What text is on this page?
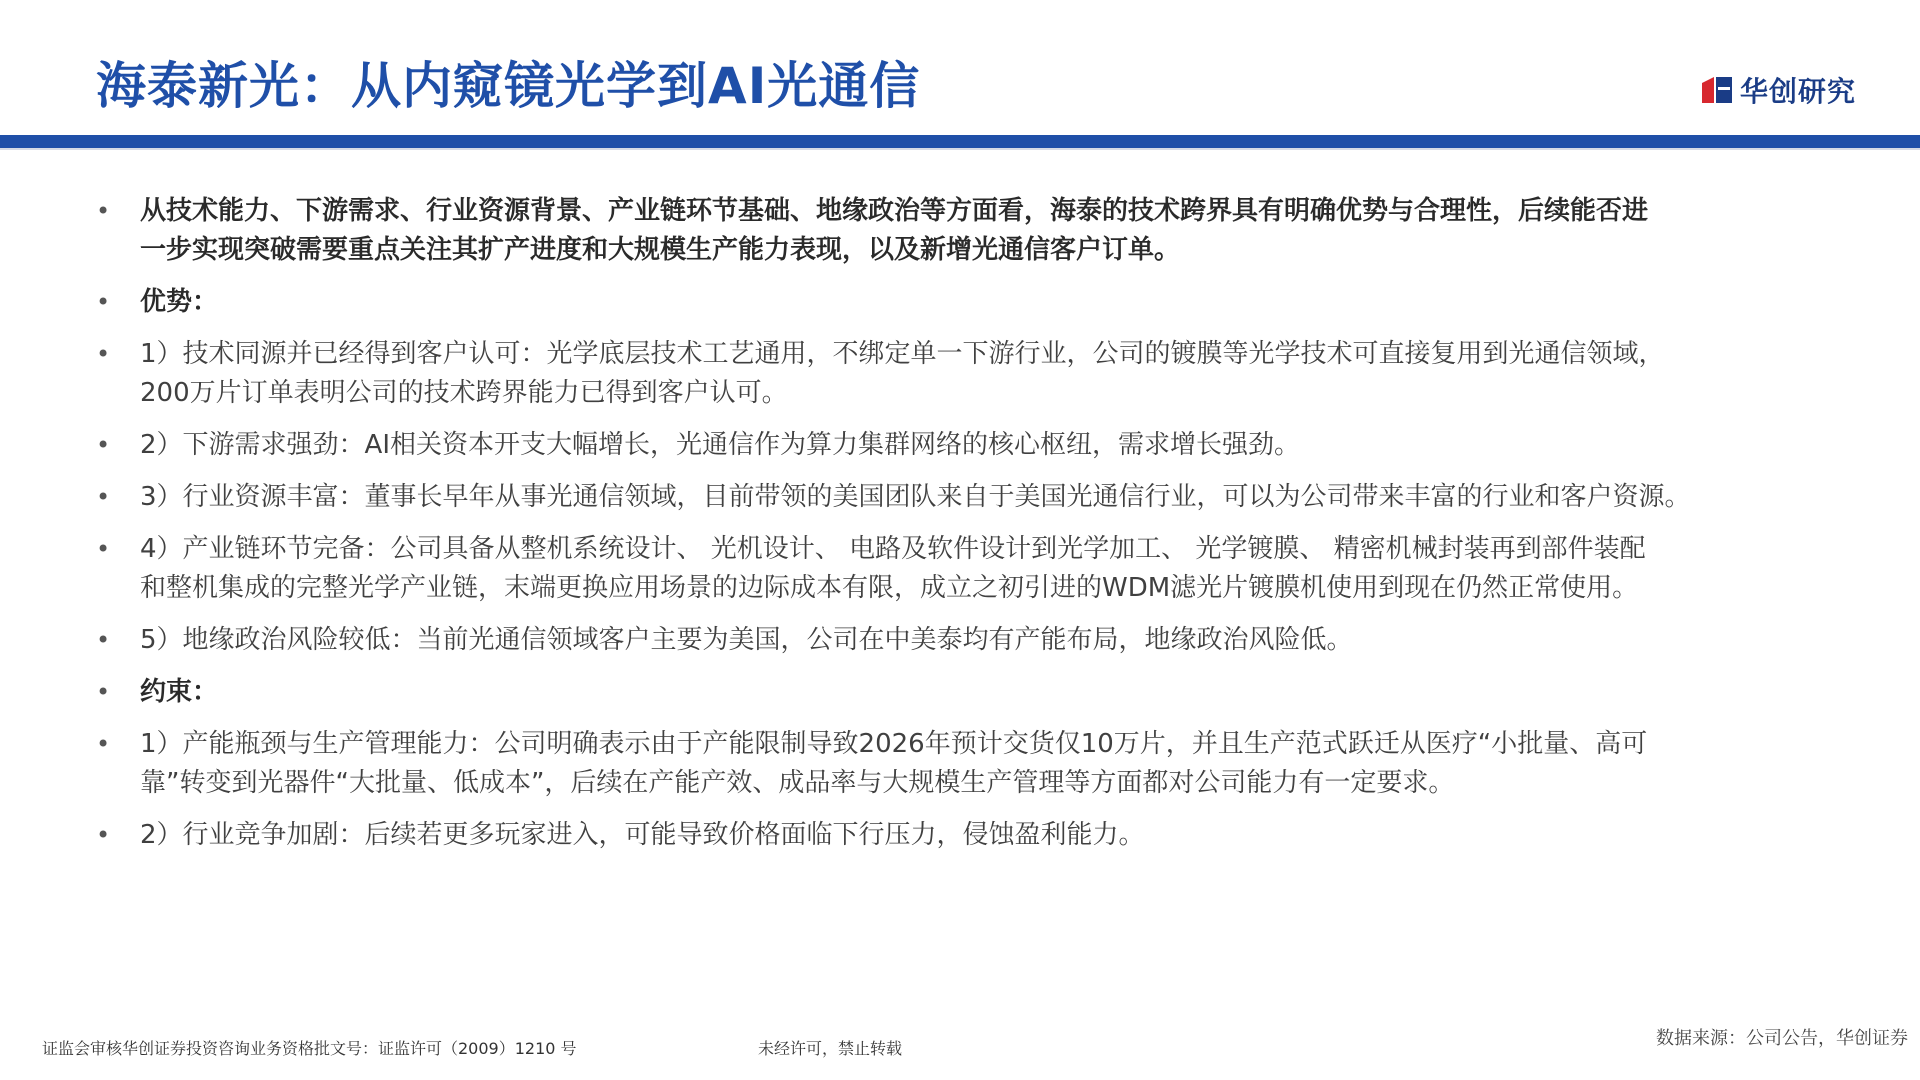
海泰新光：从内窥镜光学到AI光通信	华创研究
•	从技术能力、下游需求、行业资源背景、产业链环节基础、地缘政治等方面看，海泰的技术跨界具有明确优势与合理性，后续能否进
一步实现突破需要重点关注其扩产进度和大规模生产能力表现，以及新增光通信客户订单。
•	优势：
•	1）技术同源并已经得到客户认可：光学底层技术工艺通用，不绑定单一下游行业，公司的镀膜等光学技术可直接复用到光通信领域，
200万片订单表明公司的技术跨界能力已得到客户认可。
•	2）下游需求强劲：AI相关资本开支大幅增长，光通信作为算力集群网络的核心枢纽，需求增长强劲。
•	3）行业资源丰富：董事长早年从事光通信领域，目前带领的美国团队来自于美国光通信行业，可以为公司带来丰富的行业和客户资源。
•	4）产业链环节完备：公司具备从整机系统设计、 光机设计、 电路及软件设计到光学加工、 光学镀膜、 精密机械封装再到部件装配
和整机集成的完整光学产业链，末端更换应用场景的边际成本有限，成立之初引进的WDM滤光片镀膜机使用到现在仍然正常使用。
•	5）地缘政治风险较低：当前光通信领域客户主要为美国，公司在中美泰均有产能布局，地缘政治风险低。
•	约束：
•	1）产能瓶颈与生产管理能力：公司明确表示由于产能限制导致2026年预计交货仅10万片，并且生产范式跃迁从医疗“小批量、高可
靠”转变到光器件“大批量、低成本”，后续在产能产效、成品率与大规模生产管理等方面都对公司能力有一定要求。
•	2）行业竞争加剧：后续若更多玩家进入，可能导致价格面临下行压力，侵蚀盈利能力。
证监会审核华创证券投资咨询业务资格批文号：证监许可（2009）1210 号	未经许可，禁止转载	数据来源：公司公告，华创证券
